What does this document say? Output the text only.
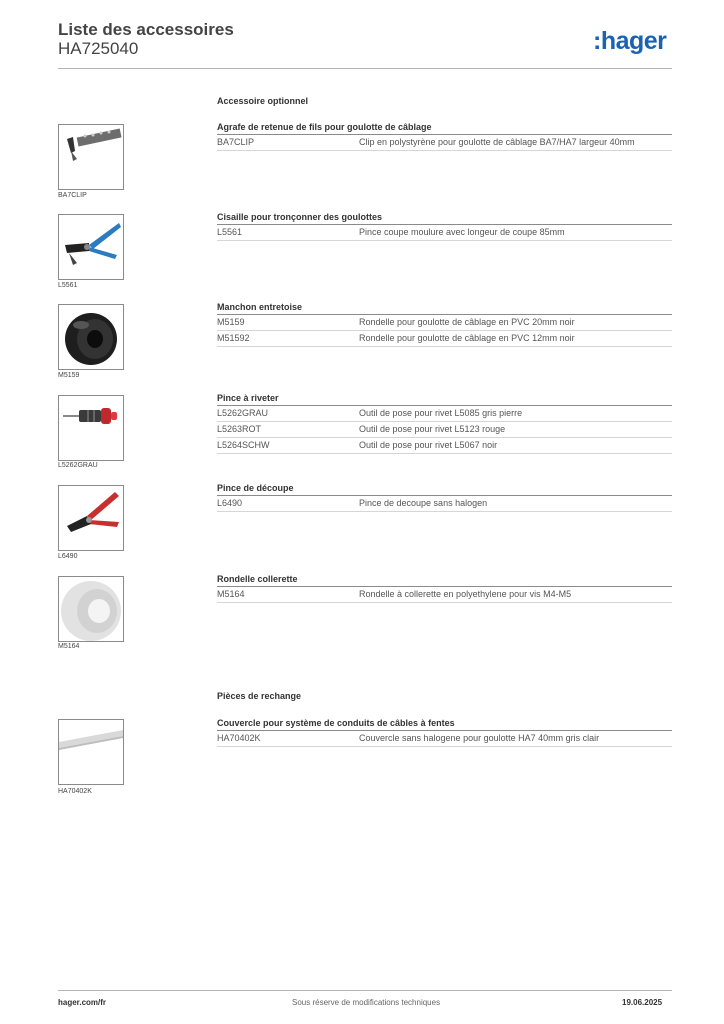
Liste des accessoires
HA725040	:hager
Accessoire optionnel
Pièces de rechange
Agrafe de retenue de fils pour goulotte de câblage
BA7CLIP	Clip en polystyrène pour goulotte de câblage BA7/HA7 largeur 40mm
BA7CLIP
Cisaille pour tronçonner des goulottes
L5561	Pince coupe moulure avec longeur de coupe 85mm
L5561
Manchon entretoise
M5159	Rondelle pour goulotte de câblage en PVC 20mm noir
M51592	Rondelle pour goulotte de câblage en PVC 12mm noir
M5159
Pince à riveter
L5262GRAU	Outil de pose pour rivet L5085 gris pierre
L5263ROT	Outil de pose pour rivet L5123 rouge
L5264SCHW	Outil de pose pour rivet L5067 noir
L5262GRAU
Pince de découpe
L6490	Pince de decoupe sans halogen
L6490
Rondelle collerette
M5164	Rondelle à collerette en polyethylene pour vis M4-M5
M5164
Couvercle pour système de conduits de câbles à fentes
HA70402K	Couvercle sans halogene pour goulotte HA7 40mm gris clair
HA70402K
hager.com/fr	Sous réserve de modifications techniques	19.06.2025
